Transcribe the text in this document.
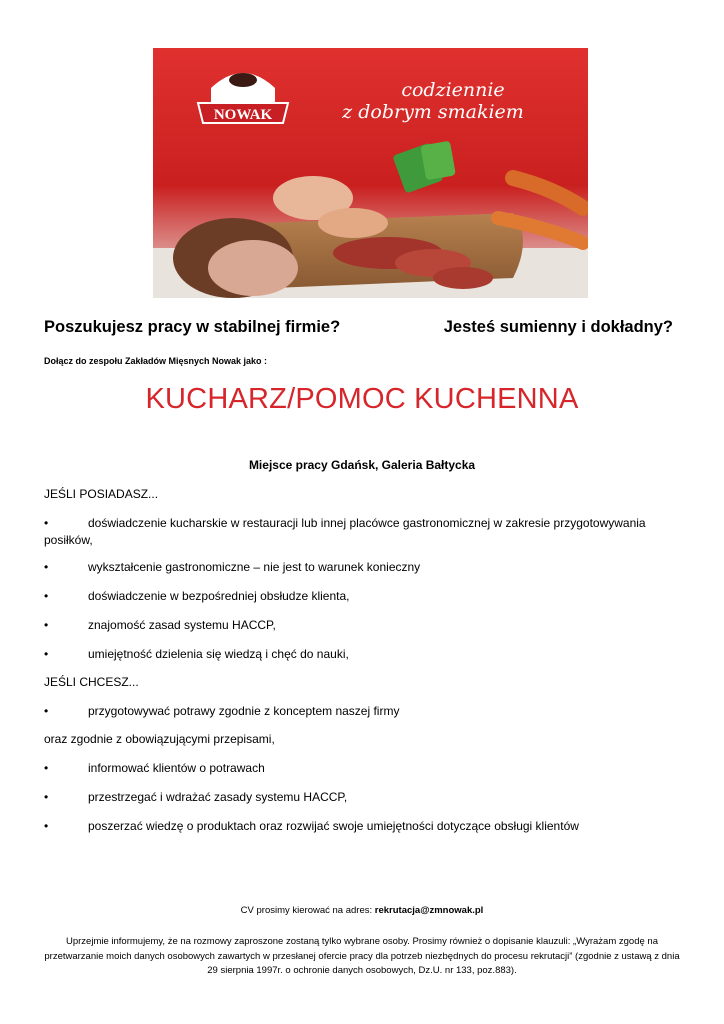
NOWAK
codziennie
z dobrym smakiem
Poszukujesz pracy w stabilnej firmie?	Jesteś sumienny i dokładny?
Dołącz do zespołu Zakładów Mięsnych Nowak jako :
KUCHARZ/POMOC KUCHENNA
Miejsce pracy Gdańsk, Galeria Bałtycka
JEŚLI POSIADASZ...
•	doświadczenie kucharskie w restauracji lub innej placówce gastronomicznej w zakresie przygotowywania posiłków,
•	wykształcenie gastronomiczne – nie jest to warunek konieczny
•	doświadczenie w bezpośredniej obsłudze klienta,
•	znajomość zasad systemu HACCP,
•	umiejętność dzielenia się wiedzą i chęć do nauki,
JEŚLI CHCESZ...
•	przygotowywać potrawy zgodnie z konceptem naszej firmy
oraz zgodnie z obowiązującymi przepisami,
•	informować klientów o potrawach
•	przestrzegać i wdrażać zasady systemu HACCP,
•	poszerzać wiedzę o produktach oraz rozwijać swoje umiejętności dotyczące obsługi klientów
CV prosimy kierować na adres: rekrutacja@zmnowak.pl
Uprzejmie informujemy, że na rozmowy zaproszone zostaną tylko wybrane osoby. Prosimy również o dopisanie klauzuli: „Wyrażam zgodę na przetwarzanie moich danych osobowych zawartych w przesłanej ofercie pracy dla potrzeb niezbędnych do procesu rekrutacji” (zgodnie z ustawą z dnia 29 sierpnia 1997r. o ochronie danych osobowych, Dz.U. nr 133, poz.883).
